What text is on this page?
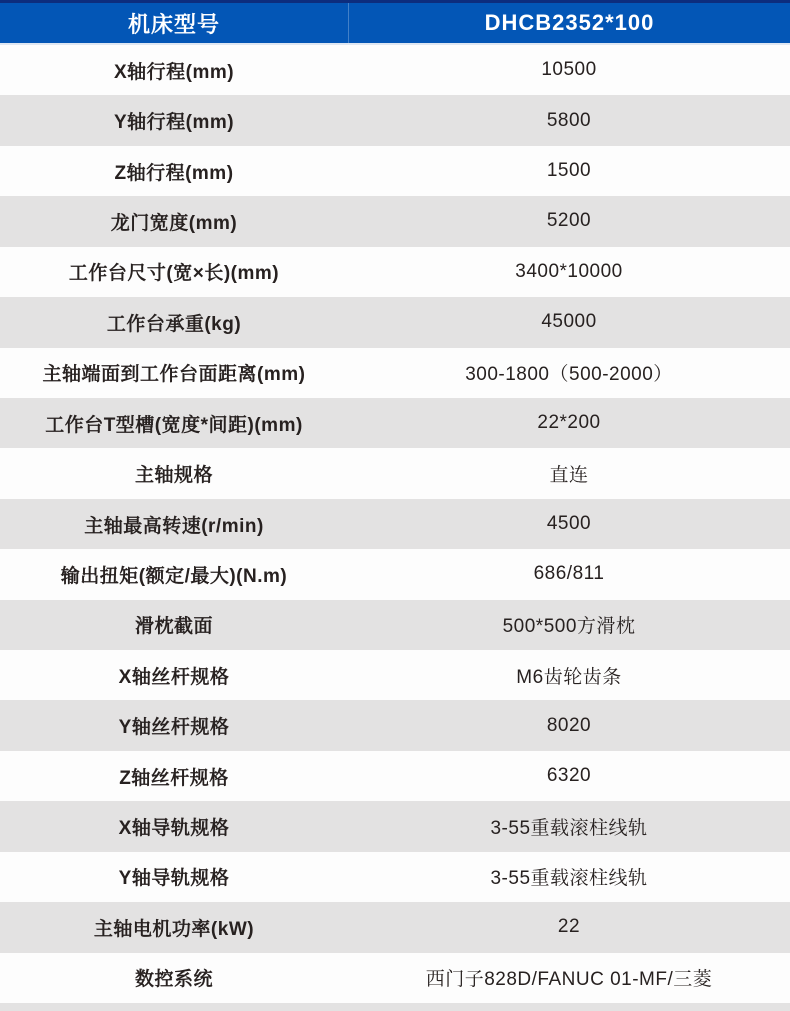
机床型号	DHCB2352*100
X轴行程(mm)	10500
Y轴行程(mm)	5800
Z轴行程(mm)	1500
龙门宽度(mm)	5200
工作台尺寸(宽×长)(mm)	3400*10000
工作台承重(kg)	45000
主轴端面到工作台面距离(mm)	300-1800（500-2000）
工作台T型槽(宽度*间距)(mm)	22*200
主轴规格	直连
主轴最高转速(r/min)	4500
输出扭矩(额定/最大)(N.m)	686/811
滑枕截面	500*500方滑枕
X轴丝杆规格	M6齿轮齿条
Y轴丝杆规格	8020
Z轴丝杆规格	6320
X轴导轨规格	3-55重载滚柱线轨
Y轴导轨规格	3-55重载滚柱线轨
主轴电机功率(kW)	22
数控系统	西门子828D/FANUC 01-MF/三菱
